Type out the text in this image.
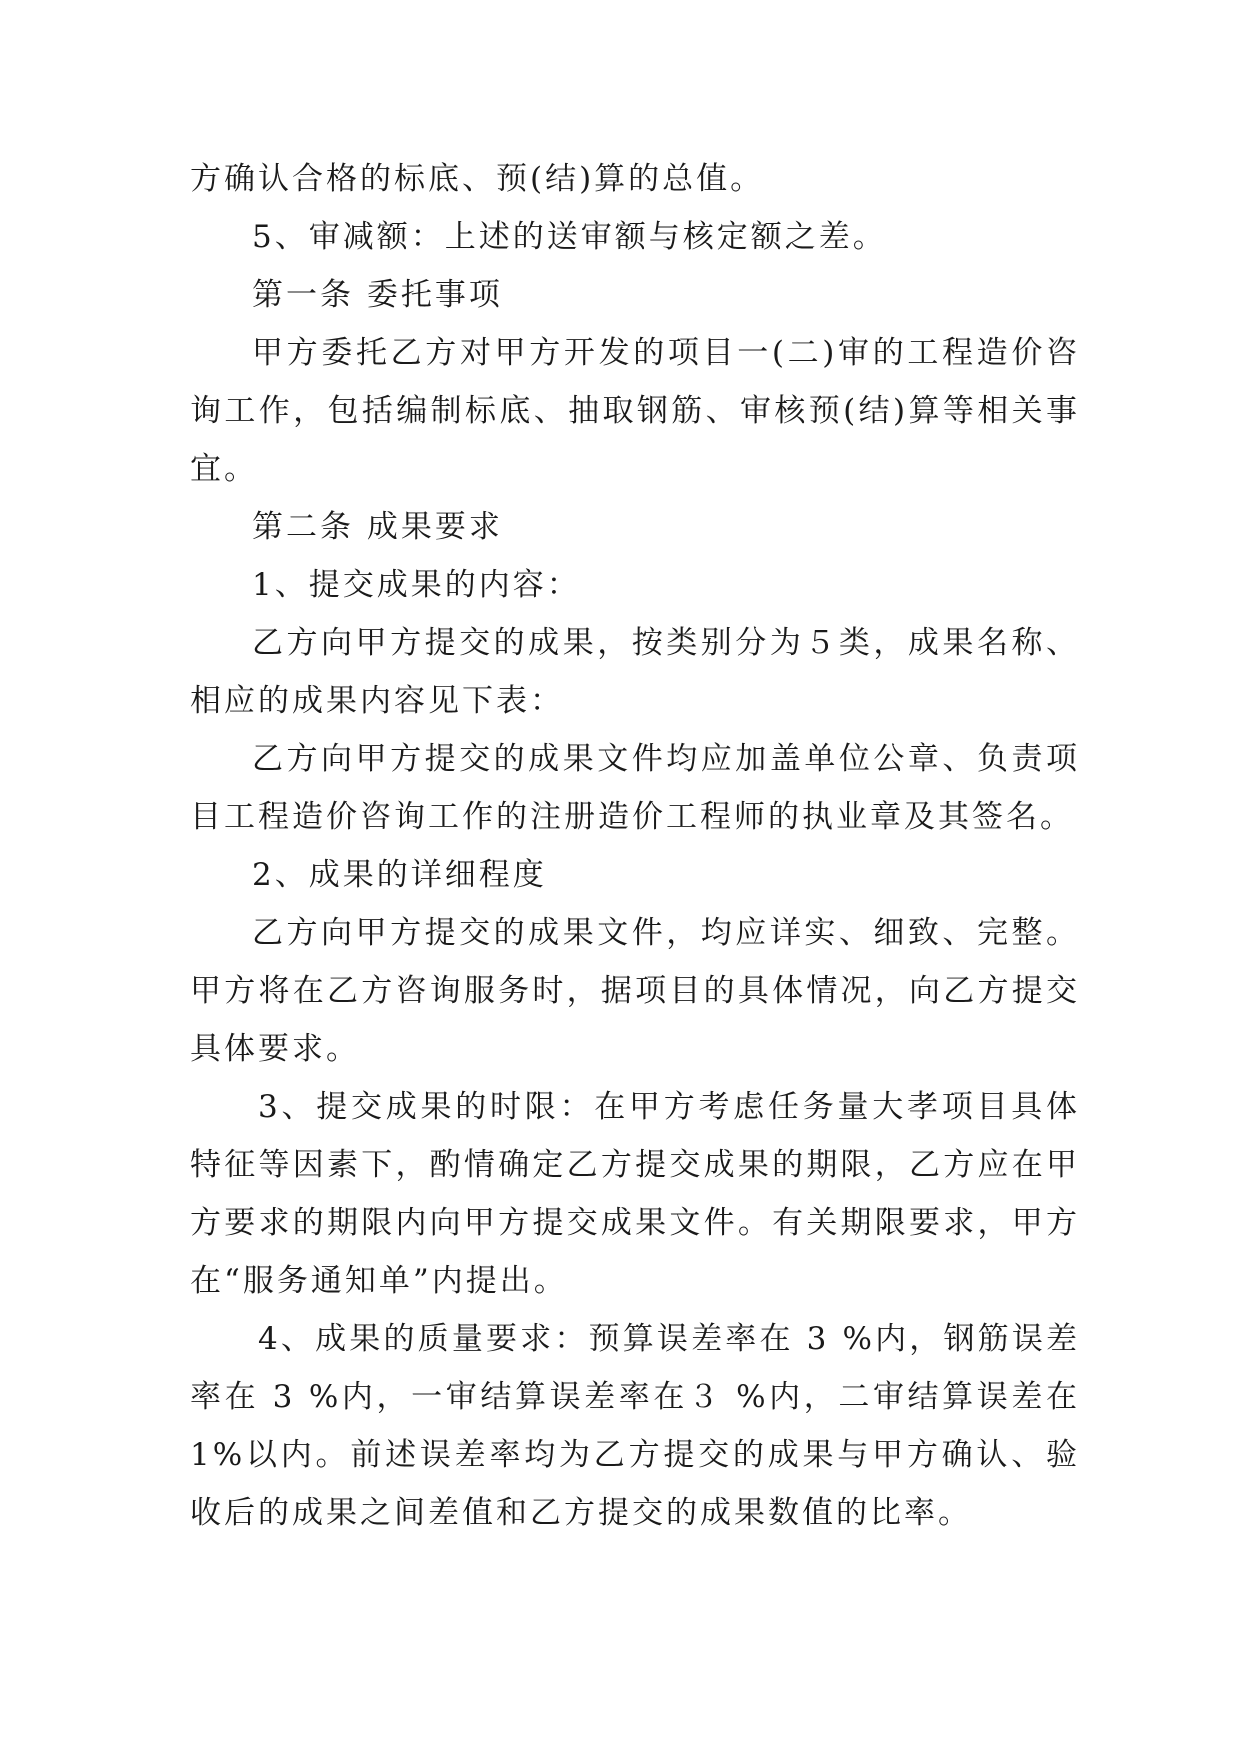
方确认合格的标底、预(结)算的总值。

5、审减额：上述的送审额与核定额之差。

第一条 委托事项

甲方委托乙方对甲方开发的项目一(二)审的工程造价咨询工作，包括编制标底、抽取钢筋、审核预(结)算等相关事宜。

第二条 成果要求

1、提交成果的内容：

乙方向甲方提交的成果，按类别分为５类，成果名称、相应的成果内容见下表：

乙方向甲方提交的成果文件均应加盖单位公章、负责项目工程造价咨询工作的注册造价工程师的执业章及其签名。

2、成果的详细程度

乙方向甲方提交的成果文件，均应详实、细致、完整。甲方将在乙方咨询服务时，据项目的具体情况，向乙方提交具体要求。

3、提交成果的时限：在甲方考虑任务量大孝项目具体特征等因素下，酌情确定乙方提交成果的期限，乙方应在甲方要求的期限内向甲方提交成果文件。有关期限要求，甲方在“服务通知单”内提出。

4、成果的质量要求：预算误差率在 3 %内，钢筋误差率在 3 %内，一审结算误差率在３ %内，二审结算误差在1%以内。前述误差率均为乙方提交的成果与甲方确认、验收后的成果之间差值和乙方提交的成果数值的比率。
